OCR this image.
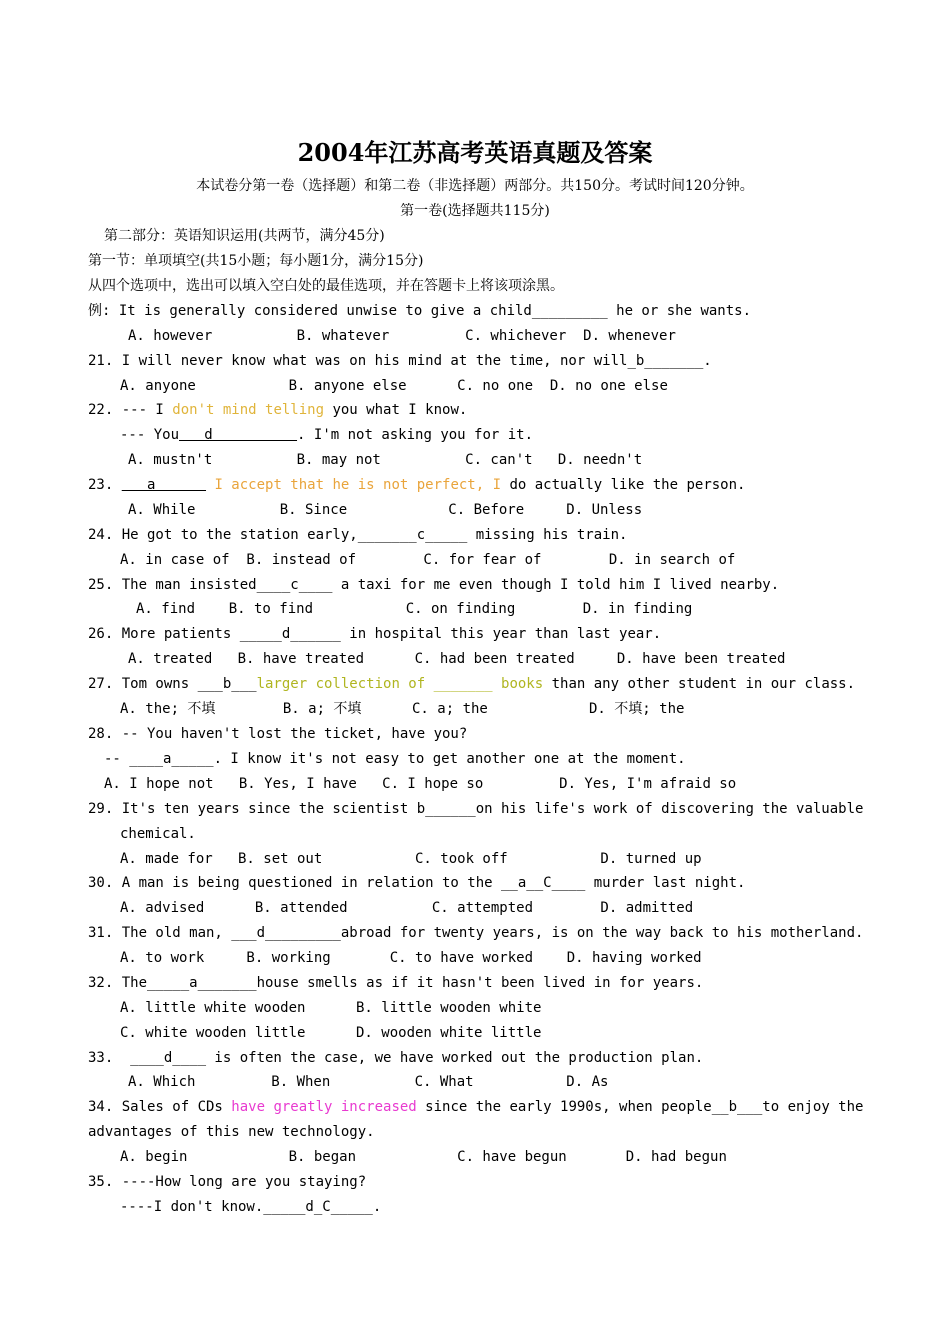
2004年江苏高考英语真题及答案
本试卷分第一卷（选择题）和第二卷（非选择题）两部分。共150分。考试时间120分钟。
第一卷(选择题共115分)
第二部分：英语知识运用(共两节，满分45分)
第一节：单项填空(共15小题；每小题1分，满分15分)
从四个选项中，选出可以填入空白处的最佳选项，并在答题卡上将该项涂黑。
例: It is generally considered unwise to give a child_________ he or she wants.
A. however          B. whatever         C. whichever  D. whenever
21. I will never know what was on his mind at the time, nor will_b_______.
A. anyone           B. anyone else      C. no one  D. no one else
22. --- I don't mind telling you what I know.
--- You   d          . I'm not asking you for it.
A. mustn't          B. may not          C. can't   D. needn't
23.    a       I accept that he is not perfect, I do actually like the person.
A. While          B. Since            C. Before     D. Unless
24. He got to the station early,_______c_____ missing his train.
A. in case of  B. instead of        C. for fear of        D. in search of
25. The man insisted____c____ a taxi for me even though I told him I lived nearby.
A. find    B. to find           C. on finding        D. in finding
26. More patients _____d______ in hospital this year than last year.
A. treated   B. have treated      C. had been treated     D. have been treated
27. Tom owns ___b___larger collection of _______ books than any other student in our class.
A. the; 不填        B. a; 不填      C. a; the            D. 不填; the
28. -- You haven't lost the ticket, have you?
-- ____a_____. I know it's not easy to get another one at the moment.
A. I hope not   B. Yes, I have   C. I hope so         D. Yes, I'm afraid so
29. It's ten years since the scientist b______on his life's work of discovering the valuable
chemical.
A. made for   B. set out           C. took off           D. turned up
30. A man is being questioned in relation to the __a__C____ murder last night.
A. advised      B. attended          C. attempted        D. admitted
31. The old man, ___d_________abroad for twenty years, is on the way back to his motherland.
A. to work     B. working       C. to have worked    D. having worked
32. The_____a_______house smells as if it hasn't been lived in for years.
A. little white wooden      B. little wooden white
C. white wooden little      D. wooden white little
33.  ____d____ is often the case, we have worked out the production plan.
A. Which         B. When          C. What           D. As
34. Sales of CDs have greatly increased since the early 1990s, when people__b___to enjoy the
advantages of this new technology.
A. begin            B. began            C. have begun       D. had begun
35. ----How long are you staying?
----I don't know._____d_C_____.
